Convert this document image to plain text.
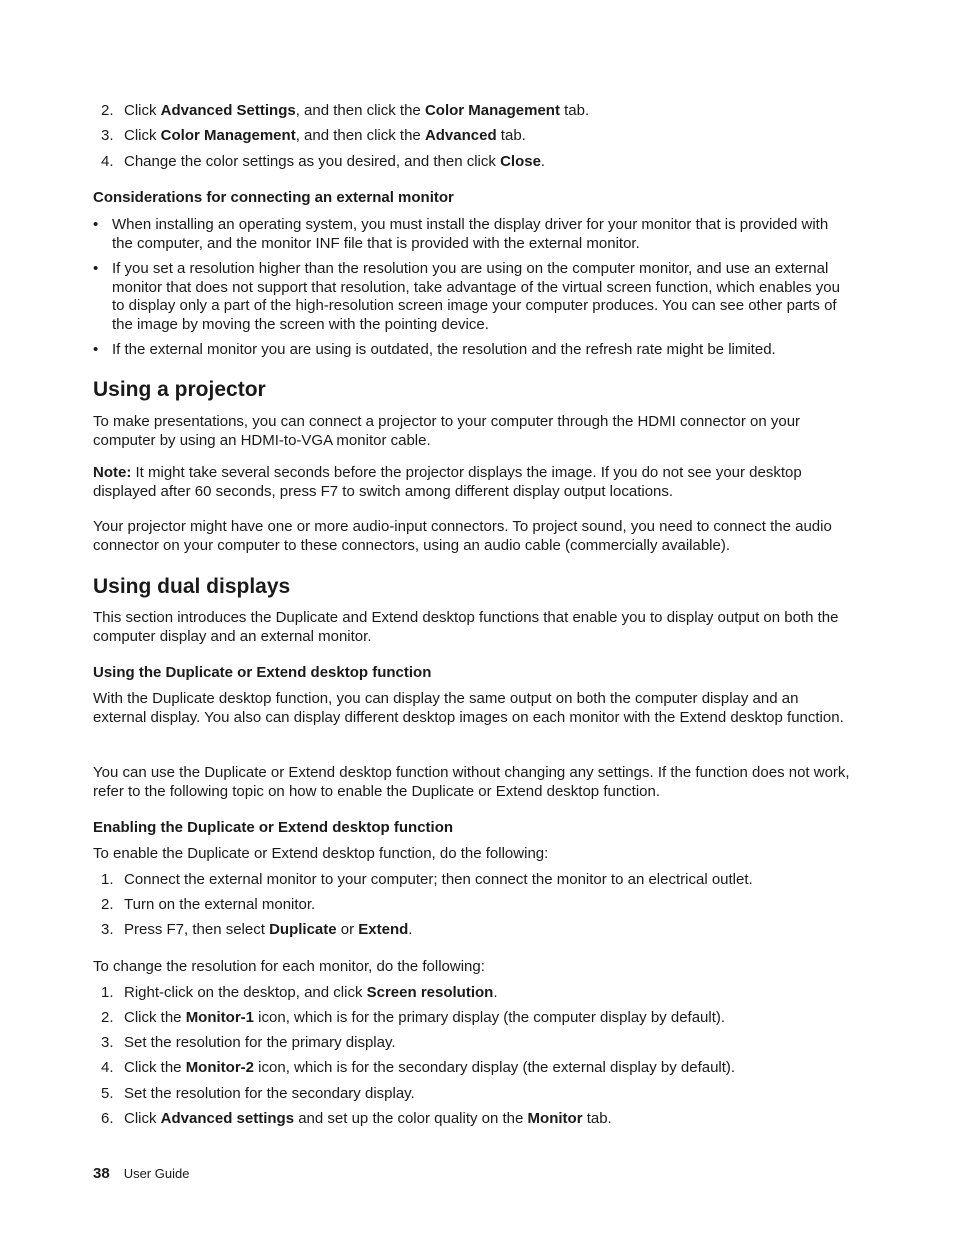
2. Click Advanced Settings, and then click the Color Management tab.
3. Click Color Management, and then click the Advanced tab.
4. Change the color settings as you desired, and then click Close.
Considerations for connecting an external monitor
• When installing an operating system, you must install the display driver for your monitor that is provided with the computer, and the monitor INF file that is provided with the external monitor.
• If you set a resolution higher than the resolution you are using on the computer monitor, and use an external monitor that does not support that resolution, take advantage of the virtual screen function, which enables you to display only a part of the high-resolution screen image your computer produces. You can see other parts of the image by moving the screen with the pointing device.
• If the external monitor you are using is outdated, the resolution and the refresh rate might be limited.
Using a projector

To make presentations, you can connect a projector to your computer through the HDMI connector on your computer by using an HDMI-to-VGA monitor cable.

Note: It might take several seconds before the projector displays the image. If you do not see your desktop displayed after 60 seconds, press F7 to switch among different display output locations.

Your projector might have one or more audio-input connectors. To project sound, you need to connect the audio connector on your computer to these connectors, using an audio cable (commercially available).

Using dual displays

This section introduces the Duplicate and Extend desktop functions that enable you to display output on both the computer display and an external monitor.

Using the Duplicate or Extend desktop function

With the Duplicate desktop function, you can display the same output on both the computer display and an external display. You also can display different desktop images on each monitor with the Extend desktop function.

You can use the Duplicate or Extend desktop function without changing any settings. If the function does not work, refer to the following topic on how to enable the Duplicate or Extend desktop function.

Enabling the Duplicate or Extend desktop function

To enable the Duplicate or Extend desktop function, do the following:

1. Connect the external monitor to your computer; then connect the monitor to an electrical outlet.
2. Turn on the external monitor.
3. Press F7, then select Duplicate or Extend.

To change the resolution for each monitor, do the following:

1. Right-click on the desktop, and click Screen resolution.
2. Click the Monitor-1 icon, which is for the primary display (the computer display by default).
3. Set the resolution for the primary display.
4. Click the Monitor-2 icon, which is for the secondary display (the external display by default).
5. Set the resolution for the secondary display.
6. Click Advanced settings and set up the color quality on the Monitor tab.
38 User Guide
